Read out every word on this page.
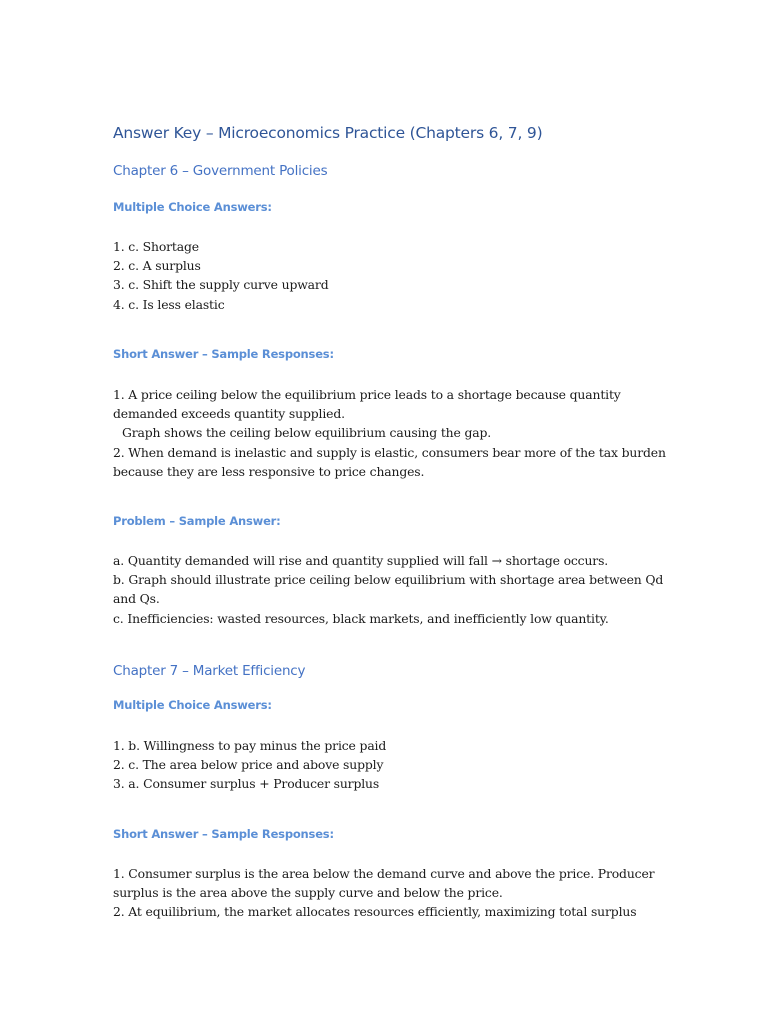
Answer Key – Microeconomics Practice (Chapters 6, 7, 9)
Chapter 6 – Government Policies
Multiple Choice Answers:
1. c. Shortage
2. c. A surplus
3. c. Shift the supply curve upward
4. c. Is less elastic
Short Answer – Sample Responses:
1. A price ceiling below the equilibrium price leads to a shortage because quantity
demanded exceeds quantity supplied.
Graph shows the ceiling below equilibrium causing the gap.
2. When demand is inelastic and supply is elastic, consumers bear more of the tax burden
because they are less responsive to price changes.
Problem – Sample Answer:
a. Quantity demanded will rise and quantity supplied will fall → shortage occurs.
b. Graph should illustrate price ceiling below equilibrium with shortage area between Qd
and Qs.
c. Inefficiencies: wasted resources, black markets, and inefficiently low quantity.
Chapter 7 – Market Efficiency
Multiple Choice Answers:
1. b. Willingness to pay minus the price paid
2. c. The area below price and above supply
3. a. Consumer surplus + Producer surplus
Short Answer – Sample Responses:
1. Consumer surplus is the area below the demand curve and above the price. Producer
surplus is the area above the supply curve and below the price.
2. At equilibrium, the market allocates resources efficiently, maximizing total surplus
